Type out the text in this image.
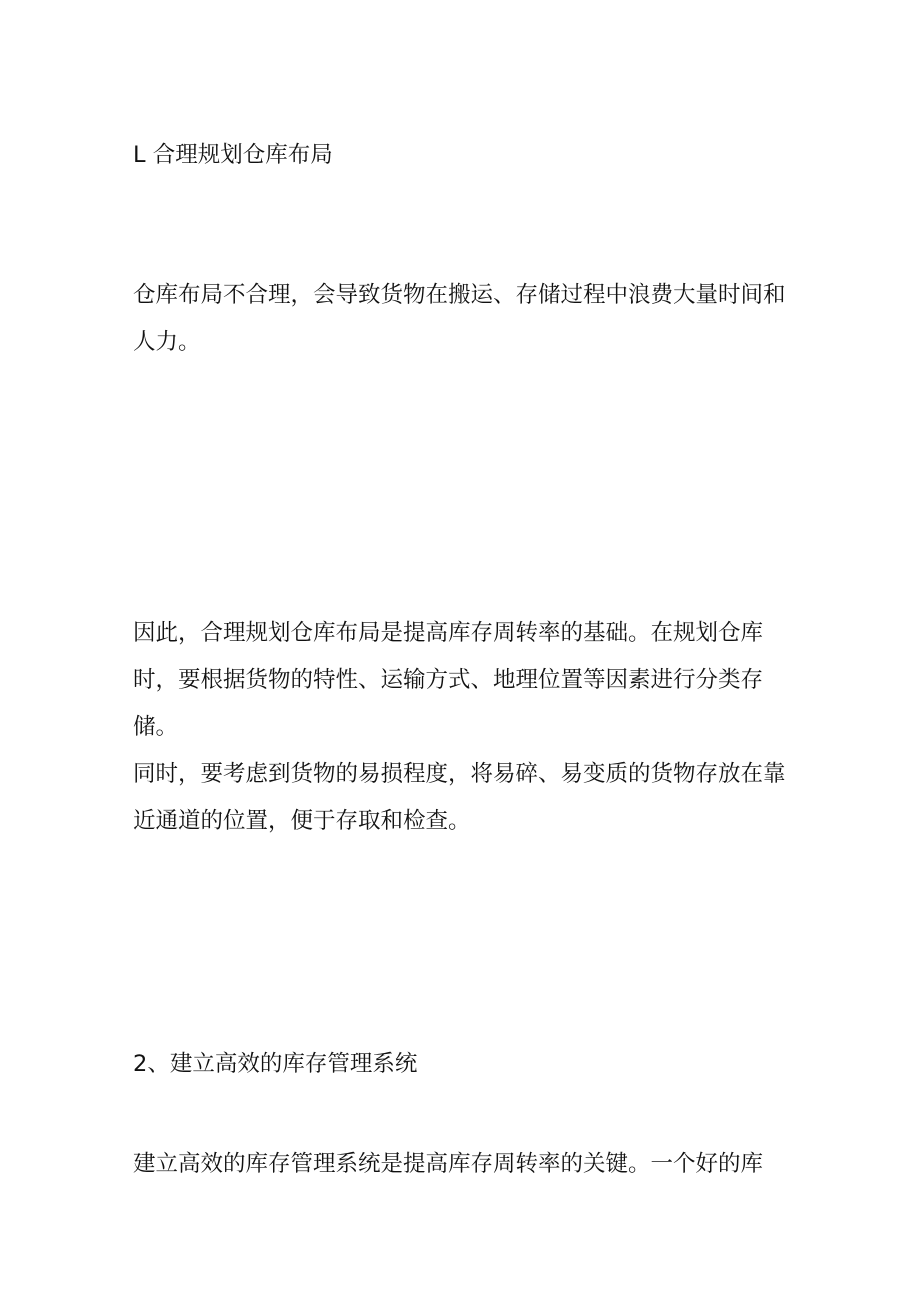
L 合理规划仓库布局

仓库布局不合理，会导致货物在搬运、存储过程中浪费大量时间和人力。

因此，合理规划仓库布局是提高库存周转率的基础。在规划仓库时，要根据货物的特性、运输方式、地理位置等因素进行分类存储。

同时，要考虑到货物的易损程度，将易碎、易变质的货物存放在靠近通道的位置，便于存取和检查。

2、建立高效的库存管理系统

建立高效的库存管理系统是提高库存周转率的关键。一个好的库
